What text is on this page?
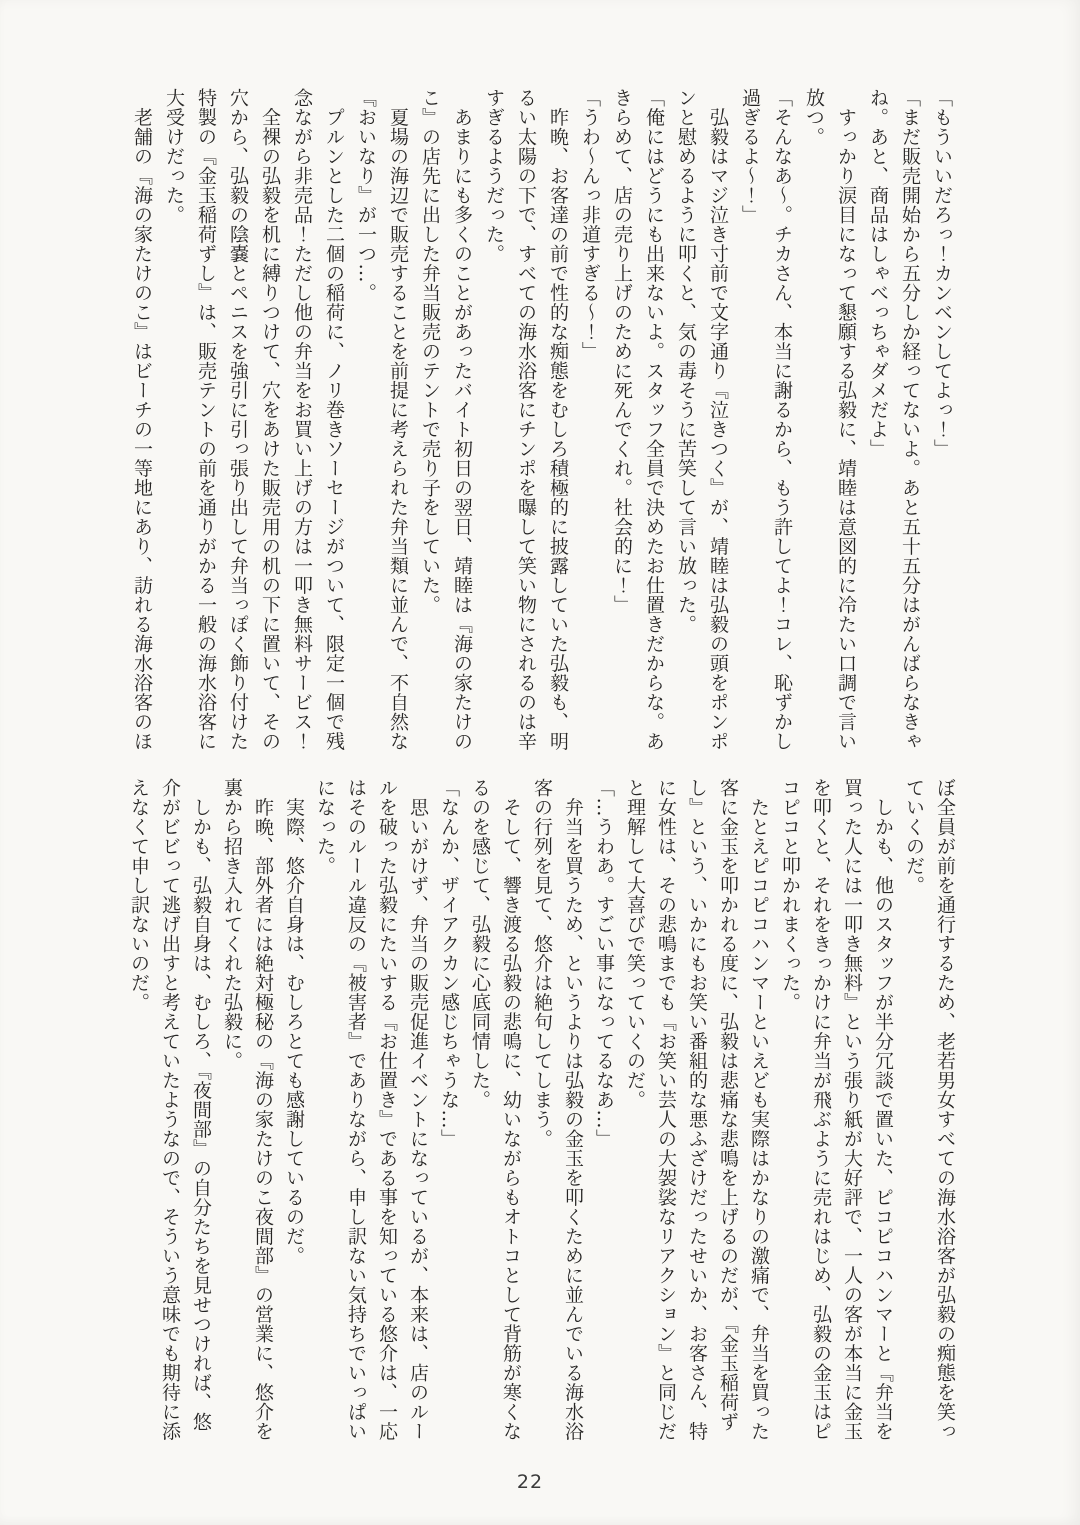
「もういいだろっ！カンベンしてよっ！」
「まだ販売開始から五分しか経ってないよ。あと五十五分はがんばらなきゃ
ね。あと、商品はしゃべっちゃダメだよ」
　すっかり涙目になって懇願する弘毅に、靖睦は意図的に冷たい口調で言い
放つ。
「そんなあ〜。チカさん、本当に謝るから、もう許してよ！コレ、恥ずかし
過ぎるよ〜！」
　弘毅はマジ泣き寸前で文字通り『泣きつく』が、靖睦は弘毅の頭をポンポ
ンと慰めるように叩くと、気の毒そうに苦笑して言い放った。
「俺にはどうにも出来ないよ。スタッフ全員で決めたお仕置きだからな。あ
きらめて、店の売り上げのために死んでくれ。社会的に！」
「うわ〜んっ非道すぎる〜！」
　昨晩、お客達の前で性的な痴態をむしろ積極的に披露していた弘毅も、明
るい太陽の下で、すべての海水浴客にチンポを曝して笑い物にされるのは辛
すぎるようだった。
　あまりにも多くのことがあったバイト初日の翌日、靖睦は『海の家たけの
こ』の店先に出した弁当販売のテントで売り子をしていた。
　夏場の海辺で販売することを前提に考えられた弁当類に並んで、不自然な
『おいなり』が一つ…。
　プルンとした二個の稲荷に、ノリ巻きソーセージがついて、限定一個で残
念ながら非売品！ただし他の弁当をお買い上げの方は一叩き無料サービス！
　全裸の弘毅を机に縛りつけて、穴をあけた販売用の机の下に置いて、その
穴から、弘毅の陰嚢とペニスを強引に引っ張り出して弁当っぽく飾り付けた
特製の『金玉稲荷ずし』は、販売テントの前を通りがかる一般の海水浴客に
大受けだった。
　老舗の『海の家たけのこ』はビーチの一等地にあり、訪れる海水浴客のほ
ぼ全員が前を通行するため、老若男女すべての海水浴客が弘毅の痴態を笑っ
ていくのだ。
　しかも、他のスタッフが半分冗談で置いた、ピコピコハンマーと『弁当を
買った人には一叩き無料』という張り紙が大好評で、一人の客が本当に金玉
を叩くと、それをきっかけに弁当が飛ぶように売れはじめ、弘毅の金玉はピ
コピコと叩かれまくった。
　たとえピコピコハンマーといえども実際はかなりの激痛で、弁当を買った
客に金玉を叩かれる度に、弘毅は悲痛な悲鳴を上げるのだが、『金玉稲荷ず
し』という、いかにもお笑い番組的な悪ふざけだったせいか、お客さん、特
に女性は、その悲鳴までも『お笑い芸人の大袈裟なリアクション』と同じだ
と理解して大喜びで笑っていくのだ。
「…うわあ。すごい事になってるなあ…」
　弁当を買うため、というよりは弘毅の金玉を叩くために並んでいる海水浴
客の行列を見て、悠介は絶句してしまう。
　そして、響き渡る弘毅の悲鳴に、幼いながらもオトコとして背筋が寒くな
るのを感じて、弘毅に心底同情した。
「なんか、ザイアクカン感じちゃうな…」
　思いがけず、弁当の販売促進イベントになっているが、本来は、店のルー
ルを破った弘毅にたいする『お仕置き』である事を知っている悠介は、一応
はそのルール違反の『被害者』でありながら、申し訳ない気持ちでいっぱい
になった。
　実際、悠介自身は、むしろとても感謝しているのだ。
　昨晩、部外者には絶対極秘の『海の家たけのこ夜間部』の営業に、悠介を
裏から招き入れてくれた弘毅に。
　しかも、弘毅自身は、むしろ、『夜間部』の自分たちを見せつければ、悠
介がビビって逃げ出すと考えていたようなので、そういう意味でも期待に添
えなくて申し訳ないのだ。
22
